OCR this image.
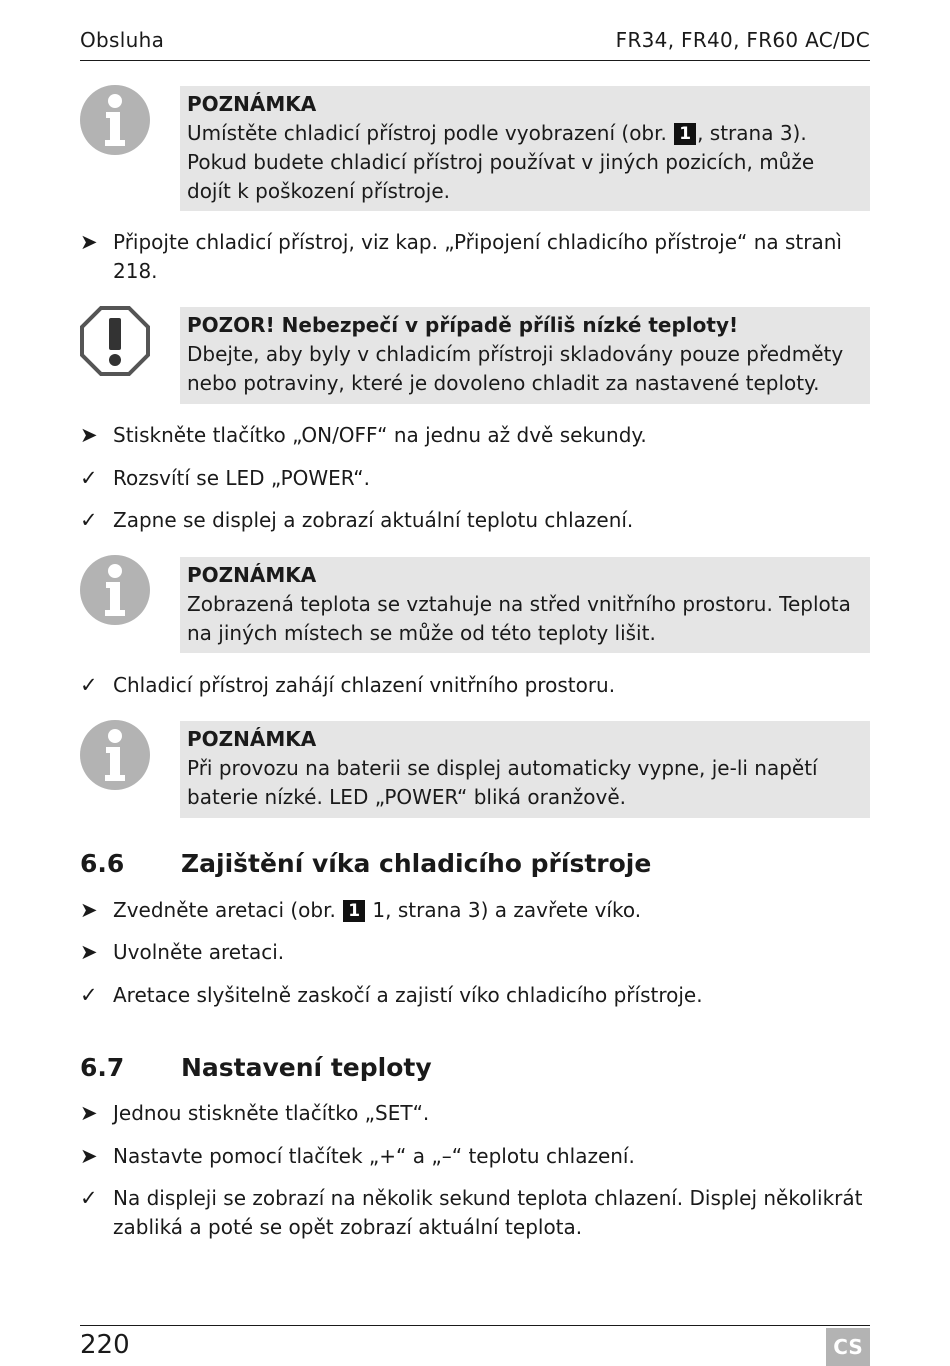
Obsluha	FR34, FR40, FR60 AC/DC
POZNÁMKA
Umístěte chladicí přístroj podle vyobrazení (obr. 1 , strana 3). Pokud budete chladicí přístroj používat v jiných pozicích, může dojít k poškození přístroje.
➤ Připojte chladicí přístroj, viz kap. „Připojení chladicího přístroje“ na stranì 218.
POZOR! Nebezpečí v případě příliš nízké teploty!
Dbejte, aby byly v chladicím přístroji skladovány pouze předměty nebo potraviny, které je dovoleno chladit za nastavené teploty.
➤ Stiskněte tlačítko „ON/OFF“ na jednu až dvě sekundy.
✓ Rozsvítí se LED „POWER“.
✓ Zapne se displej a zobrazí aktuální teplotu chlazení.
POZNÁMKA
Zobrazená teplota se vztahuje na střed vnitřního prostoru. Teplota na jiných místech se může od této teploty lišit.
✓ Chladicí přístroj zahájí chlazení vnitřního prostoru.
POZNÁMKA
Při provozu na baterii se displej automaticky vypne, je-li napětí baterie nízké. LED „POWER“ bliká oranžově.
6.6 Zajištění víka chladicího přístroje
➤ Zvedněte aretaci (obr. 1 1, strana 3) a zavřete víko.
➤ Uvolněte aretaci.
✓ Aretace slyšitelně zaskočí a zajistí víko chladicího přístroje.
6.7 Nastavení teploty
➤ Jednou stiskněte tlačítko „SET“.
➤ Nastavte pomocí tlačítek „+“ a „–“ teplotu chlazení.
✓ Na displeji se zobrazí na několik sekund teplota chlazení. Displej několikrát zabliká a poté se opět zobrazí aktuální teplota.
220	CS
